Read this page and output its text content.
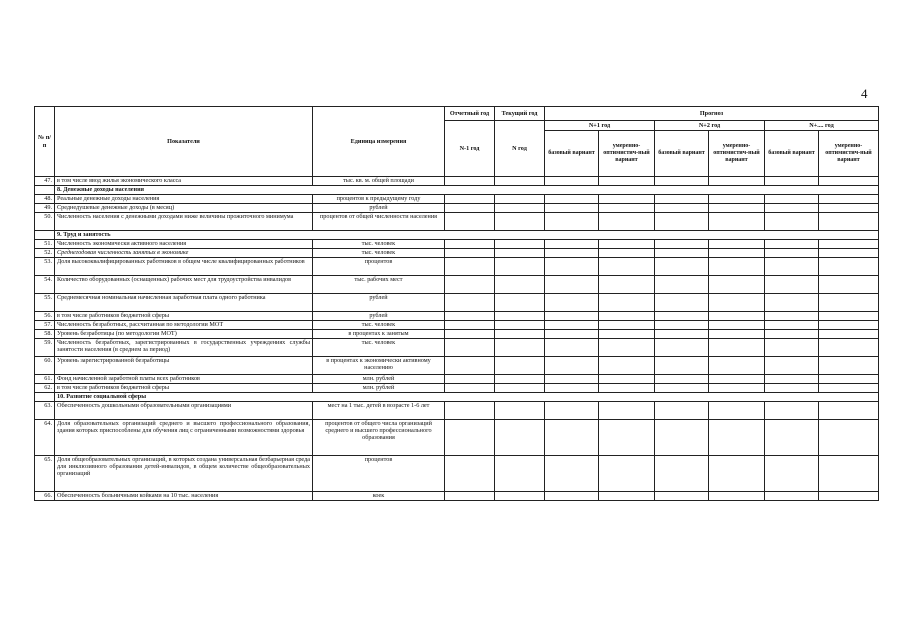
4
№ п/п	Показатели	Единица измерения	Отчетный год	Текущий год	Прогноз					
			N-1 год	N год	N+1 год		N+2 год		N+.... год	
					базовый вариант	умеренно-оптимистич-ный вариант	базовый вариант	умеренно-оптимистич-ный вариант	базовый вариант	умеренно-оптимистич-ный вариант
47.	в том числе ввод жилья экономического класса	тыс. кв. м. общей площади								
	8. Денежные доходы населения									
48.	Реальные денежные доходы населения	процентов к предыдущему году								
49.	Среднедушевые денежные доходы (в месяц)	рублей								
50.	Численность населения с денежными доходами ниже величины прожиточного минимума	процентов от общей численности населения								
	9. Труд и занятость									
51.	Численность экономически активного населения	тыс. человек								
52.	Среднегодовая численность занятых в экономике	тыс. человек								
53.	Доля высококвалифицированных работников в общем числе квалифицированных работников	процентов								
54.	Количество оборудованных (оснащенных) рабочих мест для трудоустройства инвалидов	тыс. рабочих мест								
55.	Среднемесячная номинальная начисленная заработная плата одного работника	рублей								
56.	в том числе работников бюджетной сферы	рублей								
57.	Численность безработных, рассчитанная по методологии МОТ	тыс. человек								
58.	Уровень безработицы (по методологии МОТ)	в процентах к занятым								
59.	Численность безработных, зарегистрированных в государственных учреждениях службы занятости населения (в среднем за период)	тыс. человек								
60.	Уровень зарегистрированной безработицы	в процентах к экономически активному населению								
61.	Фонд начисленной заработной платы всех работников	млн. рублей								
62.	в том числе работников бюджетной сферы	млн. рублей								
	10. Развитие социальной сферы									
63.	Обеспеченность дошкольными образовательными организациями	мест на 1 тыс. детей в возрасте 1-6 лет								
64.	Доля образовательных организаций среднего и высшего профессионального образования, здания которых приспособлены для обучения лиц с ограниченными возможностями здоровья	процентов от общего числа организаций среднего и высшего профессионального образования								
65.	Доля общеобразовательных организаций, в которых создана универсальная безбарьерная среда для инклюзивного образования детей-инвалидов, в общем количестве общеобразовательных организаций	процентов								
66.	Обеспеченность больничными койками на 10 тыс. населения	коек								
